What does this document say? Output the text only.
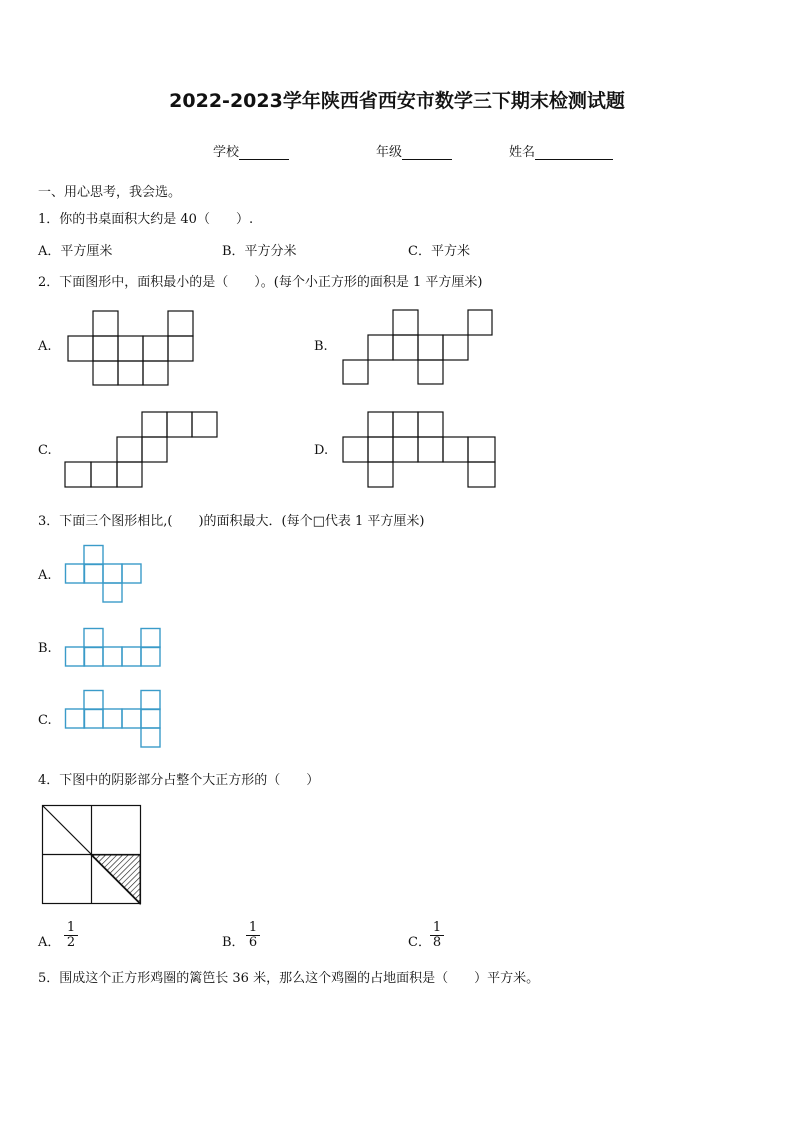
2022-2023学年陕西省西安市数学三下期末检测试题
学校	年级	姓名
一、用心思考，我会选。
1．你的书桌面积大约是 40（　　）.
A．平方厘米	B．平方分米	C．平方米
2．下面图形中，面积最小的是（　　）。(每个小正方形的面积是 1 平方厘米)
A.	B.
C.	D.
3．下面三个图形相比,(　　)的面积最大．(每个□代表 1 平方厘米)
A.
B.
C.
4．下图中的阴影部分占整个大正方形的（　　）
A． $\frac{1}{2}$	B． $\frac{1}{6}$	C． $\frac{1}{8}$
5．围成这个正方形鸡圈的篱笆长 36 米，那么这个鸡圈的占地面积是（　　）平方米。
